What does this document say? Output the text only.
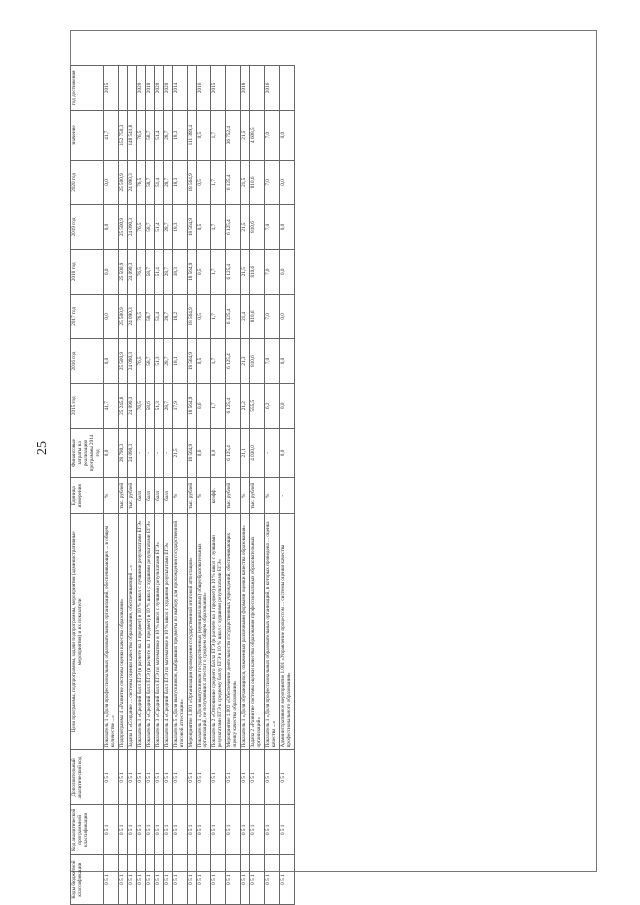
25
Коды бюджетной классификации	Код аналитической программной классификации	Дополнительный аналитический код	Цели программы, подпрограммы, задачи подпрограммы, мероприятия (административные мероприятия) и их показатели	Единица измерения	Финансовые затраты на реализацию программы 2014 год	2015 год	2016 год	2017 год	2018 год	2019 год	2020 год	значение	год достижения
0 5 1	0 5 1	0 5 1	Показатель 1 «Доля профессиональных образовательных организаций, обеспечивающих ... в общем количестве ...»	%	0,0	41,7	0,0	0,0	0,0	0,0	0,0	41,7	2015
0 5 1	0 5 1	0 5 1	Подпрограмма 4 «Развитие системы оценки качества образования»	тыс. рублей	28 790,3	25 245,8	25 500,9	25 500,9	25 500,9	25 500,9	25 500,9	152 750,3	
0 5 1	0 5 1	0 5 1	Задача 1 «Создание ... системы оценки качества образования, обеспечивающей ...»	тыс. рублей	24 090,3	24 090,3	24 090,3	24 090,3	24 090,3	24 090,3	24 090,3	148 541,8	
0 5 1	0 5 1	0 5 1	Показатель 1 «Средний балл ЕГЭ (в расчете на 1 предмет) в 10 % школ с лучшими результатами ЕГЭ»	балл	-	76,5	76,5	76,5	76,5	76,5	76,5	76,5	2020
0 5 1	0 5 1	0 5 1	Показатель 2 «Средний балл ЕГЭ (в расчете на 1 предмет) в 10 % школ с худшими результатами ЕГЭ»	балл	-	58,6	58,7	58,7	58,7	58,7	58,7	58,7	2018
0 5 1	0 5 1	0 5 1	Показатель 3 «Средний балл ЕГЭ по математике в 10 % школ с лучшими результатами ЕГЭ»	балл	-	51,3	51,3	51,4	51,4	51,4	51,4	51,4	2020
0 5 1	0 5 1	0 5 1	Показатель 4 «Средний балл ЕГЭ по математике в 10 % школ с худшими результатами ЕГЭ»	балл	-	28,7	28,7	28,7	28,7	28,7	28,7	28,7	2020
0 5 1	0 5 1	0 5 1	Показатель 5 «Доля выпускников, выбравших предметы по выбору для прохождения государственной итоговой аттестации»	%	21,5	17,9	18,1	18,2	18,3	18,3	18,3	18,3	2014
0 5 1	0 5 1	0 5 1	Мероприятие 1.001 «Организация проведения государственной итоговой аттестации»	тыс. рублей	18 564,9	18 564,9	18 564,9	18 564,9	18 564,9	18 564,9	18 564,9	111 389,4	
0 5 1	0 5 1	0 5 1	Показатель 1 «Доля выпускников государственных (муниципальных) общеобразовательных организаций, не получивших аттестат о среднем общем образовании»	%	0,6	0,6	0,5	0,5	0,5	0,5	0,5	0,5	2016
0 5 1	0 5 1	0 5 1	Показатель 2 «Отношение среднего балла ЕГЭ (в расчете на 1 предмет) в 10 % школ с лучшими результатами ЕГЭ к среднему баллу ЕГЭ в 10 % школ с худшими результатами ЕГЭ»	коэфф.	0,0	1,7	1,7	1,7	1,7	1,7	1,7	1,7	2015
0 5 1	0 5 1	0 5 1	Мероприятие 1.002 «Обеспечение деятельности государственных учреждений, обеспечивающих оценку качества образования»	тыс. рублей	6 125,4	6 125,4	6 125,4	6 125,4	6 125,4	6 125,4	6 125,4	36 752,4	
0 5 1	0 5 1	0 5 1	Показатель 1 «Доля обучающихся, охваченных различными формами оценки качества образования»	%	21,1	21,2	21,3	21,4	21,5	21,5	21,5	21,5	2018
0 5 1	0 5 1	0 5 1	Задача 2 «Развитие системы оценки качества образования профессиональных образовательных организаций»	тыс. рублей	4 030,0	555,5	810,6	810,6	810,6	810,6	810,6	4 608,5	
0 5 1	0 5 1	0 5 1	Показатель 1 «Доля профессиональных образовательных организаций, в которых проведена ... оценка качества ...»	%	-	6,2	7,0	7,0	7,0	7,0	7,0	7,0	2016
0 5 1	0 5 1	0 5 1	Административное мероприятие 1.001 «Управление процессом ... системы оценки качества профессионального образования»	-	0,0	0,0	0,0	0,0	0,0	0,0	0,0	0,0	
